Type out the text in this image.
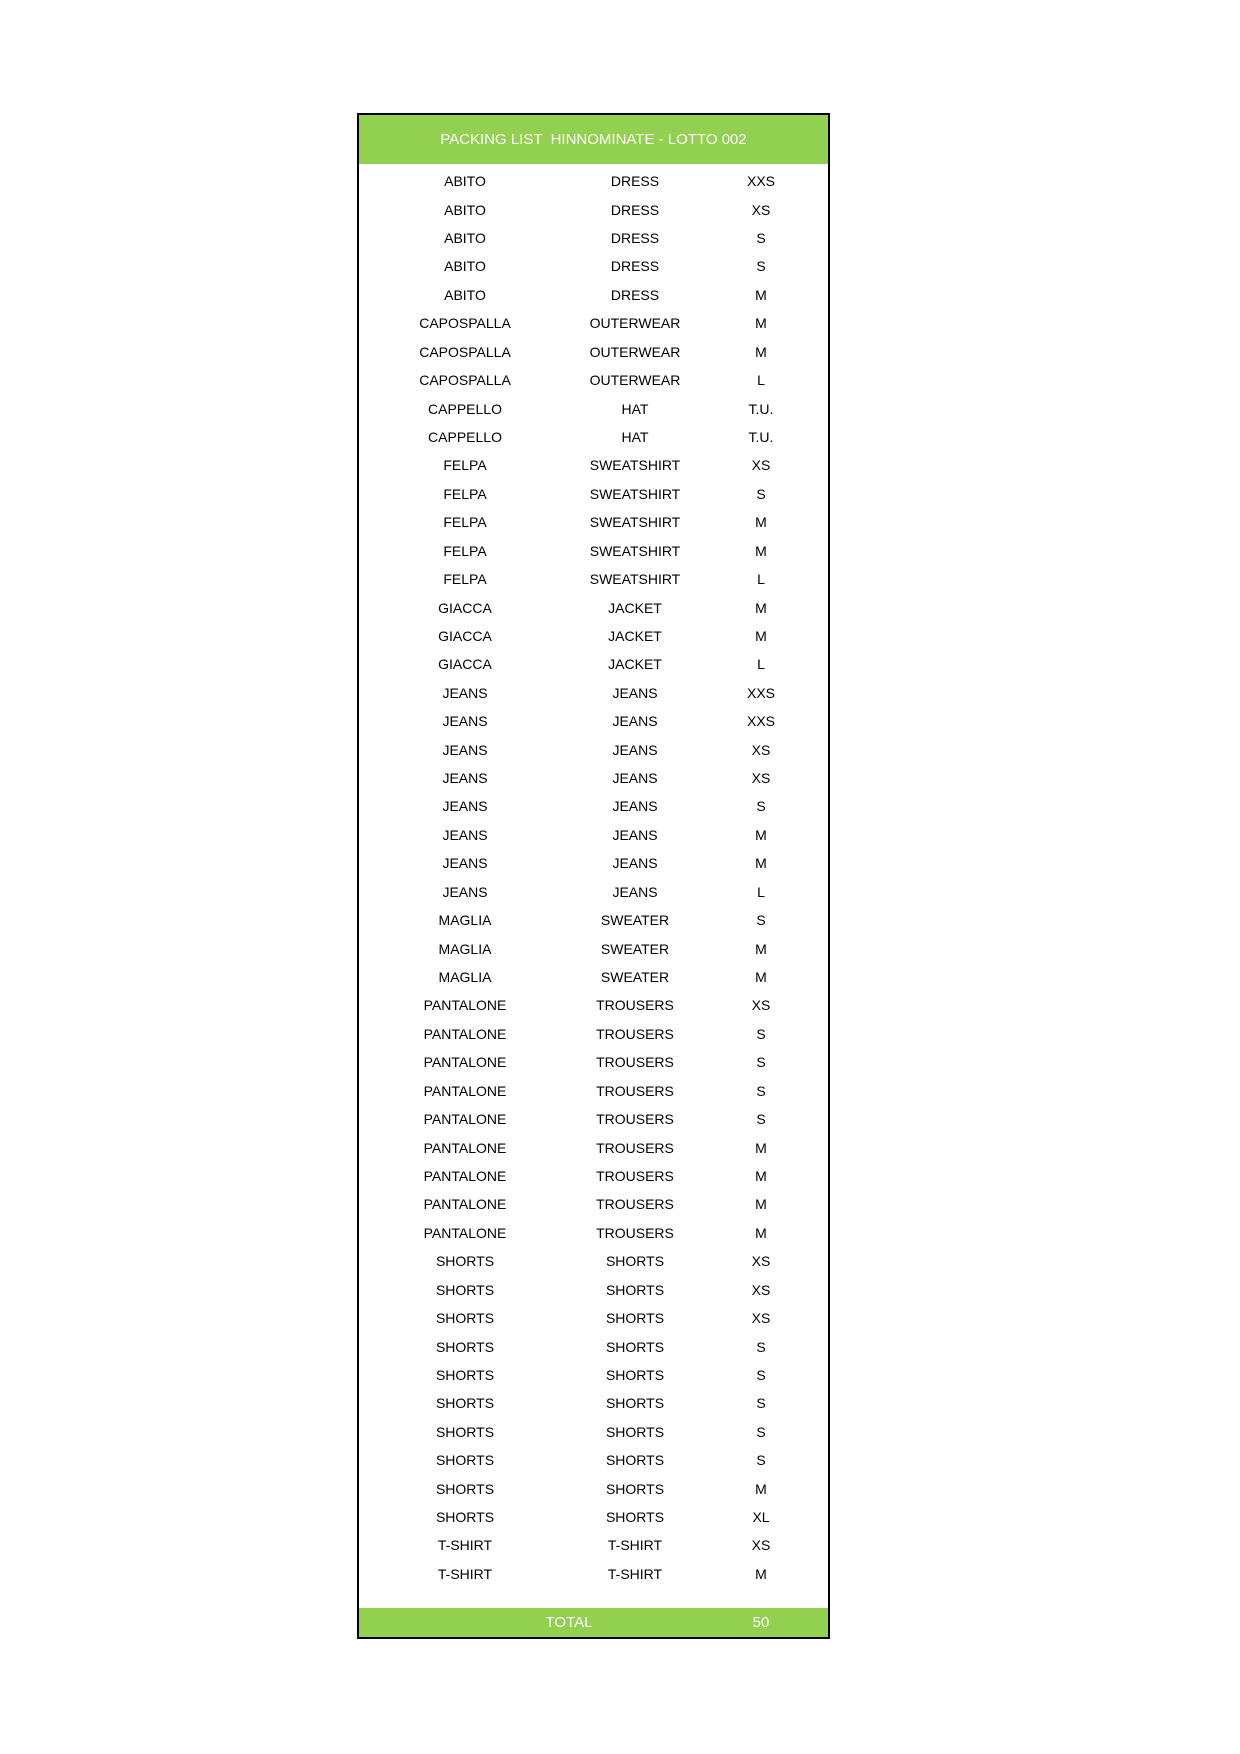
PACKING LIST  HINNOMINATE - LOTTO 002
ABITO	DRESS	XXS
ABITO	DRESS	XS
ABITO	DRESS	S
ABITO	DRESS	S
ABITO	DRESS	M
CAPOSPALLA	OUTERWEAR	M
CAPOSPALLA	OUTERWEAR	M
CAPOSPALLA	OUTERWEAR	L
CAPPELLO	HAT	T.U.
CAPPELLO	HAT	T.U.
FELPA	SWEATSHIRT	XS
FELPA	SWEATSHIRT	S
FELPA	SWEATSHIRT	M
FELPA	SWEATSHIRT	M
FELPA	SWEATSHIRT	L
GIACCA	JACKET	M
GIACCA	JACKET	M
GIACCA	JACKET	L
JEANS	JEANS	XXS
JEANS	JEANS	XXS
JEANS	JEANS	XS
JEANS	JEANS	XS
JEANS	JEANS	S
JEANS	JEANS	M
JEANS	JEANS	M
JEANS	JEANS	L
MAGLIA	SWEATER	S
MAGLIA	SWEATER	M
MAGLIA	SWEATER	M
PANTALONE	TROUSERS	XS
PANTALONE	TROUSERS	S
PANTALONE	TROUSERS	S
PANTALONE	TROUSERS	S
PANTALONE	TROUSERS	S
PANTALONE	TROUSERS	M
PANTALONE	TROUSERS	M
PANTALONE	TROUSERS	M
PANTALONE	TROUSERS	M
SHORTS	SHORTS	XS
SHORTS	SHORTS	XS
SHORTS	SHORTS	XS
SHORTS	SHORTS	S
SHORTS	SHORTS	S
SHORTS	SHORTS	S
SHORTS	SHORTS	S
SHORTS	SHORTS	S
SHORTS	SHORTS	M
SHORTS	SHORTS	XL
T-SHIRT	T-SHIRT	XS
T-SHIRT	T-SHIRT	M
TOTAL	50
